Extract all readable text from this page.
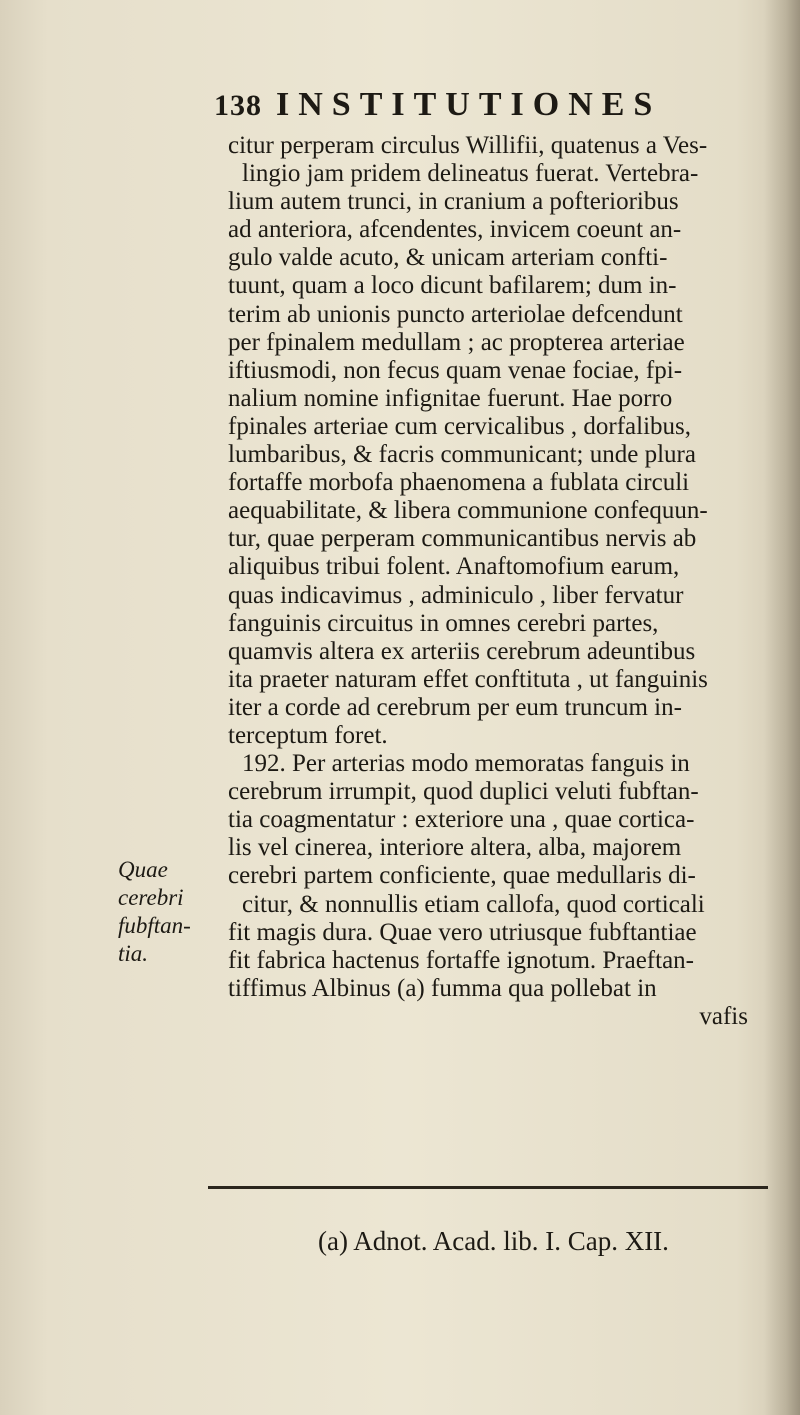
138 INSTITUTIONES
citur perperam circulus Willifii, quatenus a Ves-
lingio jam pridem delineatus fuerat. Vertebra-
lium autem trunci, in cranium a pofterioribus
ad anteriora, afcendentes, invicem coeunt an-
gulo valde acuto, & unicam arteriam confti-
tuunt, quam a loco dicunt bafilarem; dum in-
terim ab unionis puncto arteriolae defcendunt
per fpinalem medullam ; ac propterea arteriae
iftiusmodi, non fecus quam venae fociae, fpi-
nalium nomine infignitae fuerunt. Hae porro
fpinales arteriae cum cervicalibus , dorfalibus,
lumbaribus, & facris communicant; unde plura
fortaffe morbofa phaenomena a fublata circuli
aequabilitate, & libera communione confequun-
tur, quae perperam communicantibus nervis ab
aliquibus tribui folent. Anaftomofium earum,
quas indicavimus , adminiculo , liber fervatur
fanguinis circuitus in omnes cerebri partes,
quamvis altera ex arteriis cerebrum adeuntibus
ita praeter naturam effet conftituta , ut fanguinis
iter a corde ad cerebrum per eum truncum in-
terceptum foret.
192. Per arterias modo memoratas fanguis in
cerebrum irrumpit, quod duplici veluti fubftan-
tia coagmentatur : exteriore una , quae cortica-
lis vel cinerea, interiore altera, alba, majorem
cerebri partem conficiente, quae medullaris di-
citur, & nonnullis etiam callofa, quod corticali
fit magis dura. Quae vero utriusque fubftantiae
fit fabrica hactenus fortaffe ignotum. Praeftan-
tiffimus Albinus (a) fumma qua pollebat in
vafis
Quae
cerebri
fubftan-
tia.
(a) Adnot. Acad. lib. I. Cap. XII.
